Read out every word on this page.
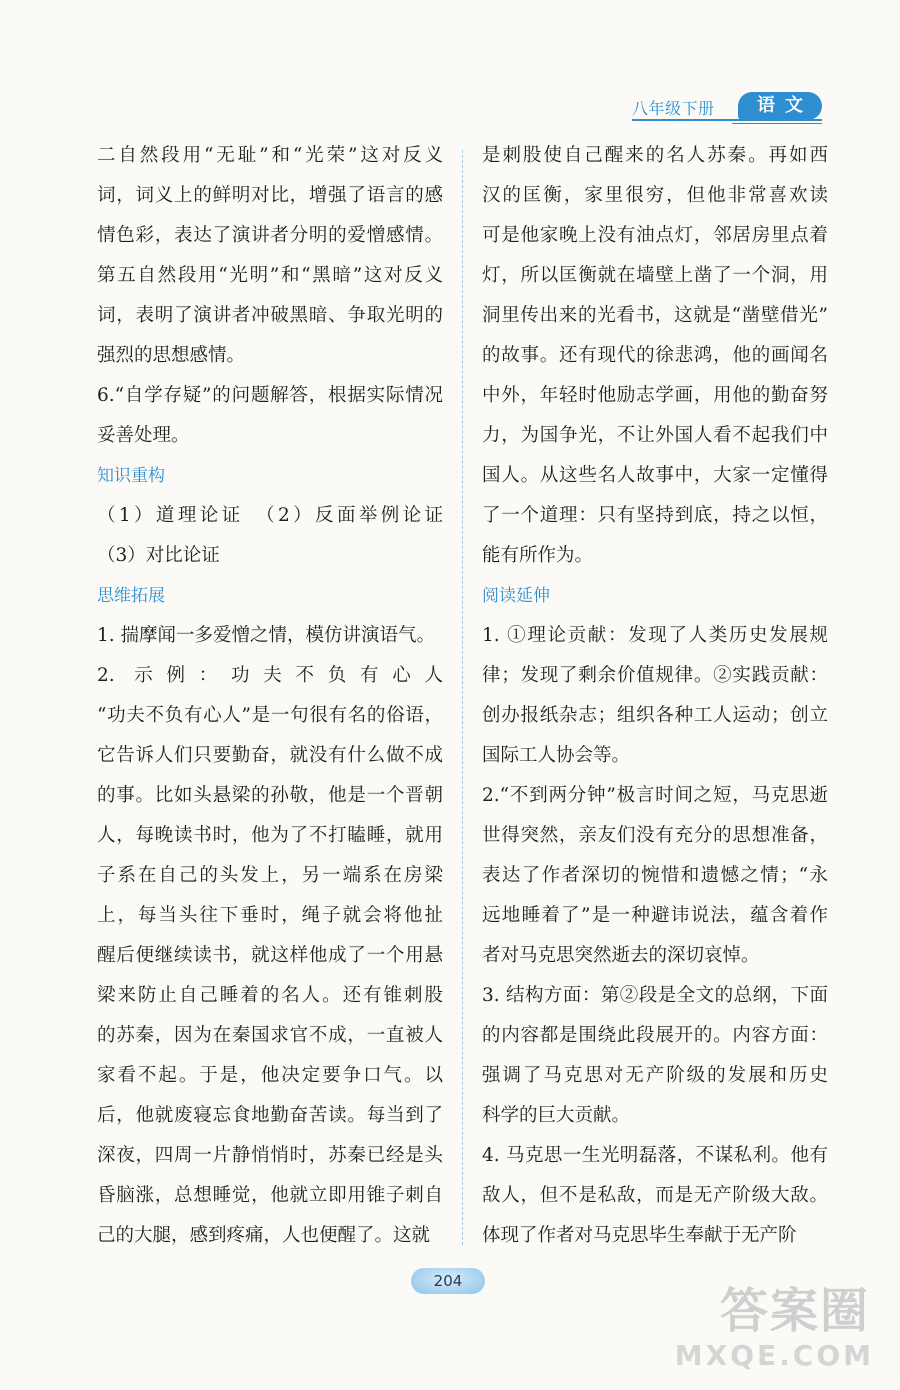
八年级下册	语文
二自然段用“无耻”和“光荣”这对反义
词，词义上的鲜明对比，增强了语言的感
情色彩，表达了演讲者分明的爱憎感情。
第五自然段用“光明”和“黑暗”这对反义
词，表明了演讲者冲破黑暗、争取光明的
强烈的思想感情。
6.“自学存疑”的问题解答，根据实际情况
妥善处理。
知识重构
（1）道理论证　（2）反面举例论证
（3）对比论证
思维拓展
1. 揣摩闻一多爱憎之情，模仿讲演语气。
2. 示例：功夫不负有心人
“功夫不负有心人”是一句很有名的俗语，
它告诉人们只要勤奋，就没有什么做不成
的事。比如头悬梁的孙敬，他是一个晋朝
人，每晚读书时，他为了不打瞌睡，就用
子系在自己的头发上，另一端系在房梁
上，每当头往下垂时，绳子就会将他扯
醒后便继续读书，就这样他成了一个用悬
梁来防止自己睡着的名人。还有锥刺股
的苏秦，因为在秦国求官不成，一直被人
家看不起。于是，他决定要争口气。以
后，他就废寝忘食地勤奋苦读。每当到了
深夜，四周一片静悄悄时，苏秦已经是头
昏脑涨，总想睡觉，他就立即用锥子刺自
己的大腿，感到疼痛，人也便醒了。这就
是刺股使自己醒来的名人苏秦。再如西
汉的匡衡，家里很穷，但他非常喜欢读
可是他家晚上没有油点灯，邻居房里点着
灯，所以匡衡就在墙壁上凿了一个洞，用
洞里传出来的光看书，这就是“凿壁借光”
的故事。还有现代的徐悲鸿，他的画闻名
中外，年轻时他励志学画，用他的勤奋努
力，为国争光，不让外国人看不起我们中
国人。从这些名人故事中，大家一定懂得
了一个道理：只有坚持到底，持之以恒，
能有所作为。
阅读延伸
1. ①理论贡献：发现了人类历史发展规
律；发现了剩余价值规律。②实践贡献：
创办报纸杂志；组织各种工人运动；创立
国际工人协会等。
2.“不到两分钟”极言时间之短，马克思逝
世得突然，亲友们没有充分的思想准备，
表达了作者深切的惋惜和遗憾之情；“永
远地睡着了”是一种避讳说法，蕴含着作
者对马克思突然逝去的深切哀悼。
3. 结构方面：第②段是全文的总纲，下面
的内容都是围绕此段展开的。内容方面：
强调了马克思对无产阶级的发展和历史
科学的巨大贡献。
4. 马克思一生光明磊落，不谋私利。他有
敌人，但不是私敌，而是无产阶级大敌。
体现了作者对马克思毕生奉献于无产阶
204
答案圈
MXQE.COM
